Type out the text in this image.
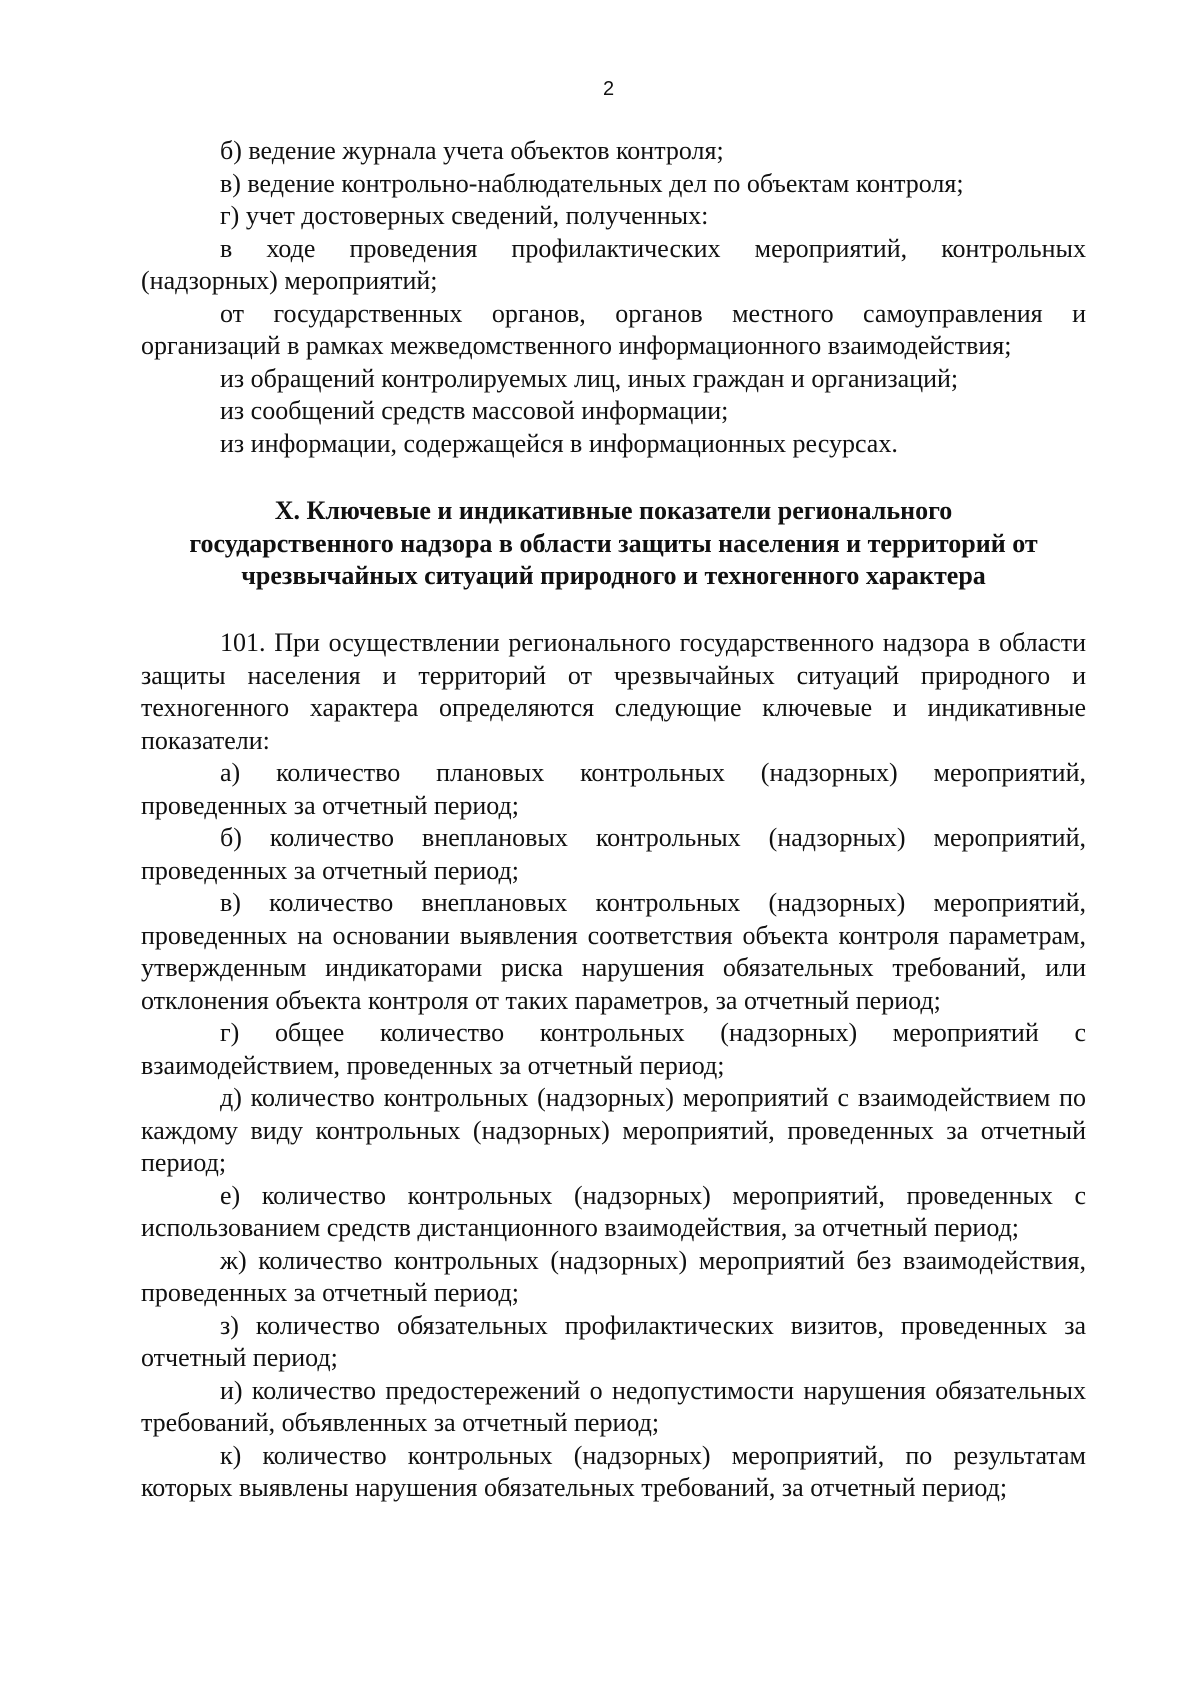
2

б) ведение журнала учета объектов контроля;

в) ведение контрольно-наблюдательных дел по объектам контроля;

г) учет достоверных сведений, полученных:

в ходе проведения профилактических мероприятий, контрольных (надзорных) мероприятий;

от государственных органов, органов местного самоуправления и организаций в рамках межведомственного информационного взаимодействия;

из обращений контролируемых лиц, иных граждан и организаций;

из сообщений средств массовой информации;

из информации, содержащейся в информационных ресурсах.

X. Ключевые и индикативные показатели регионального
государственного надзора в области защиты населения и территорий от
чрезвычайных ситуаций природного и техногенного характера

101. При осуществлении регионального государственного надзора в области защиты населения и территорий от чрезвычайных ситуаций природного и техногенного характера определяются следующие ключевые и индикативные показатели:

а) количество плановых контрольных (надзорных) мероприятий, проведенных за отчетный период;

б) количество внеплановых контрольных (надзорных) мероприятий, проведенных за отчетный период;

в) количество внеплановых контрольных (надзорных) мероприятий, проведенных на основании выявления соответствия объекта контроля параметрам, утвержденным индикаторами риска нарушения обязательных требований, или отклонения объекта контроля от таких параметров, за отчетный период;

г) общее количество контрольных (надзорных) мероприятий с взаимодействием, проведенных за отчетный период;

д) количество контрольных (надзорных) мероприятий с взаимодействием по каждому виду контрольных (надзорных) мероприятий, проведенных за отчетный период;

е) количество контрольных (надзорных) мероприятий, проведенных с использованием средств дистанционного взаимодействия, за отчетный период;

ж) количество контрольных (надзорных) мероприятий без взаимодействия, проведенных за отчетный период;

з) количество обязательных профилактических визитов, проведенных за отчетный период;

и) количество предостережений о недопустимости нарушения обязательных требований, объявленных за отчетный период;

к) количество контрольных (надзорных) мероприятий, по результатам которых выявлены нарушения обязательных требований, за отчетный период;
